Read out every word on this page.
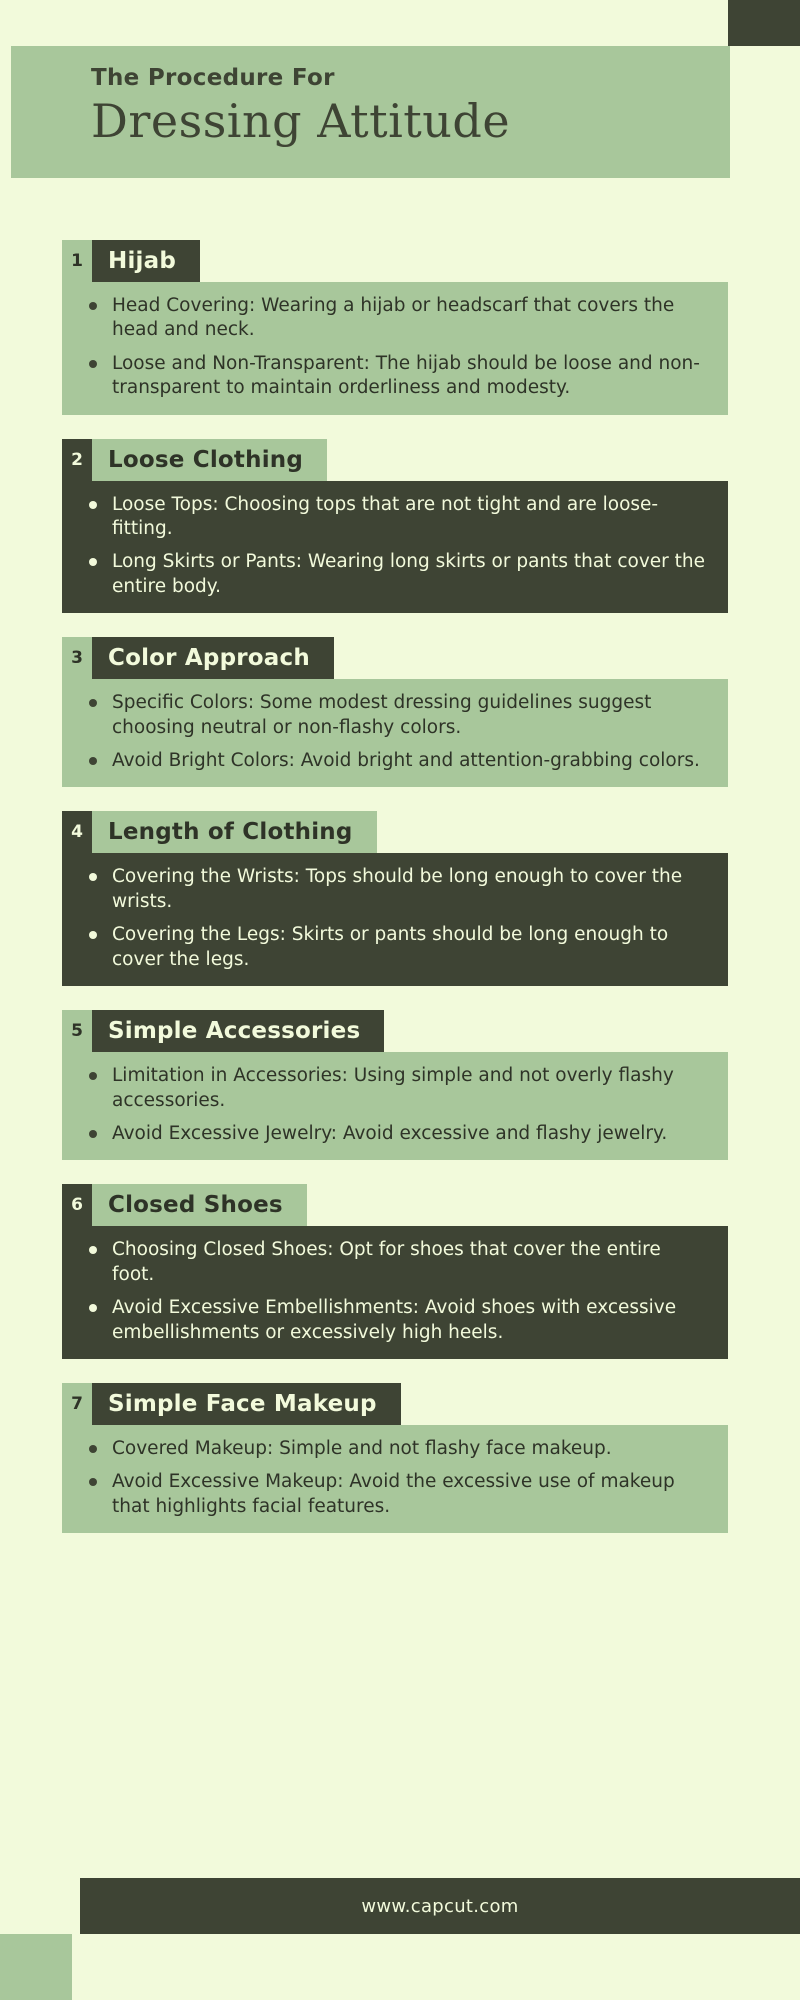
The Procedure For
Dressing Attitude
1	Hijab
Head Covering: Wearing a hijab or headscarf that covers the head and neck.
Loose and Non-Transparent: The hijab should be loose and non-transparent to maintain orderliness and modesty.
2	Loose Clothing
Loose Tops: Choosing tops that are not tight and are loose-fitting.
Long Skirts or Pants: Wearing long skirts or pants that cover the entire body.
3	Color Approach
Specific Colors: Some modest dressing guidelines suggest choosing neutral or non-flashy colors.
Avoid Bright Colors: Avoid bright and attention-grabbing colors.
4	Length of Clothing
Covering the Wrists: Tops should be long enough to cover the wrists.
Covering the Legs: Skirts or pants should be long enough to cover the legs.
5	Simple Accessories
Limitation in Accessories: Using simple and not overly flashy accessories.
Avoid Excessive Jewelry: Avoid excessive and flashy jewelry.
6	Closed Shoes
Choosing Closed Shoes: Opt for shoes that cover the entire foot.
Avoid Excessive Embellishments: Avoid shoes with excessive embellishments or excessively high heels.
7	Simple Face Makeup
Covered Makeup: Simple and not flashy face makeup.
Avoid Excessive Makeup: Avoid the excessive use of makeup that highlights facial features.
www.capcut.com
